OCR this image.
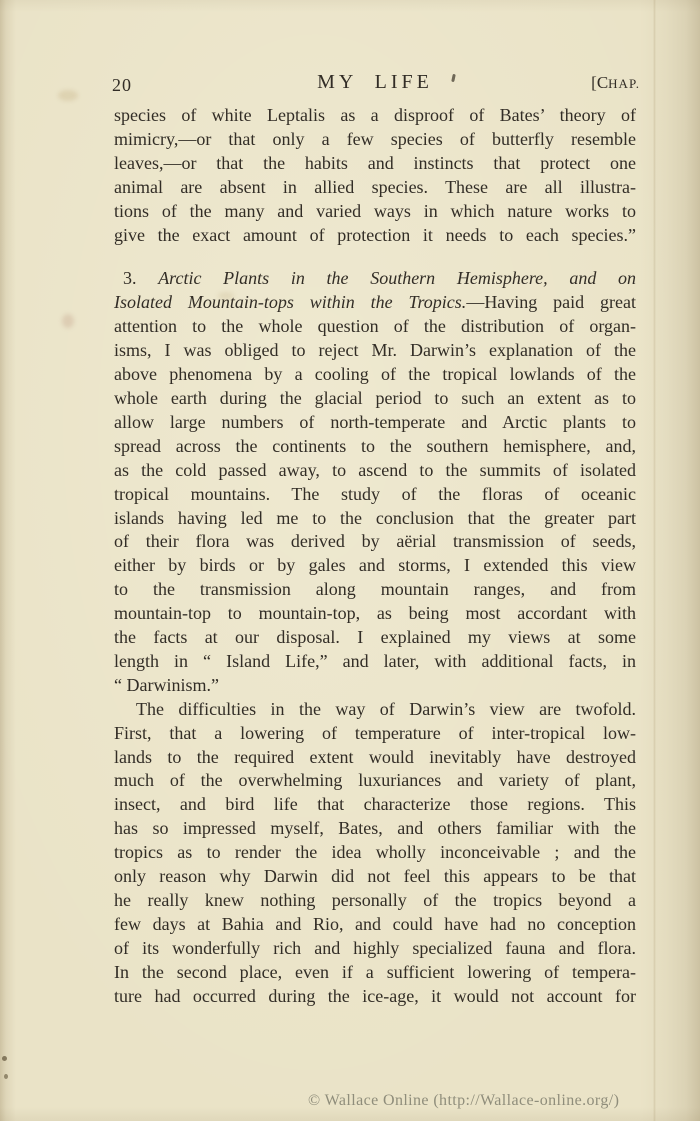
20	MY LIFE	[CHAP.
species of white Leptalis as a disproof of Bates’ theory of
mimicry,—or that only a few species of butterfly resemble
leaves,—or that the habits and instincts that protect one
animal are absent in allied species. These are all illustra-
tions of the many and varied ways in which nature works to
give the exact amount of protection it needs to each species.”
3. Arctic Plants in the Southern Hemisphere, and on
Isolated Mountain-tops within the Tropics.—Having paid great
attention to the whole question of the distribution of organ-
isms, I was obliged to reject Mr. Darwin’s explanation of the
above phenomena by a cooling of the tropical lowlands of the
whole earth during the glacial period to such an extent as to
allow large numbers of north-temperate and Arctic plants to
spread across the continents to the southern hemisphere, and,
as the cold passed away, to ascend to the summits of isolated
tropical mountains. The study of the floras of oceanic
islands having led me to the conclusion that the greater part
of their flora was derived by aërial transmission of seeds,
either by birds or by gales and storms, I extended this view
to the transmission along mountain ranges, and from
mountain-top to mountain-top, as being most accordant with
the facts at our disposal. I explained my views at some
length in “ Island Life,” and later, with additional facts, in
“ Darwinism.”
The difficulties in the way of Darwin’s view are twofold.
First, that a lowering of temperature of inter-tropical low-
lands to the required extent would inevitably have destroyed
much of the overwhelming luxuriances and variety of plant,
insect, and bird life that characterize those regions. This
has so impressed myself, Bates, and others familiar with the
tropics as to render the idea wholly inconceivable ; and the
only reason why Darwin did not feel this appears to be that
he really knew nothing personally of the tropics beyond a
few days at Bahia and Rio, and could have had no conception
of its wonderfully rich and highly specialized fauna and flora.
In the second place, even if a sufficient lowering of tempera-
ture had occurred during the ice-age, it would not account for
© Wallace Online (http://Wallace-online.org/)
